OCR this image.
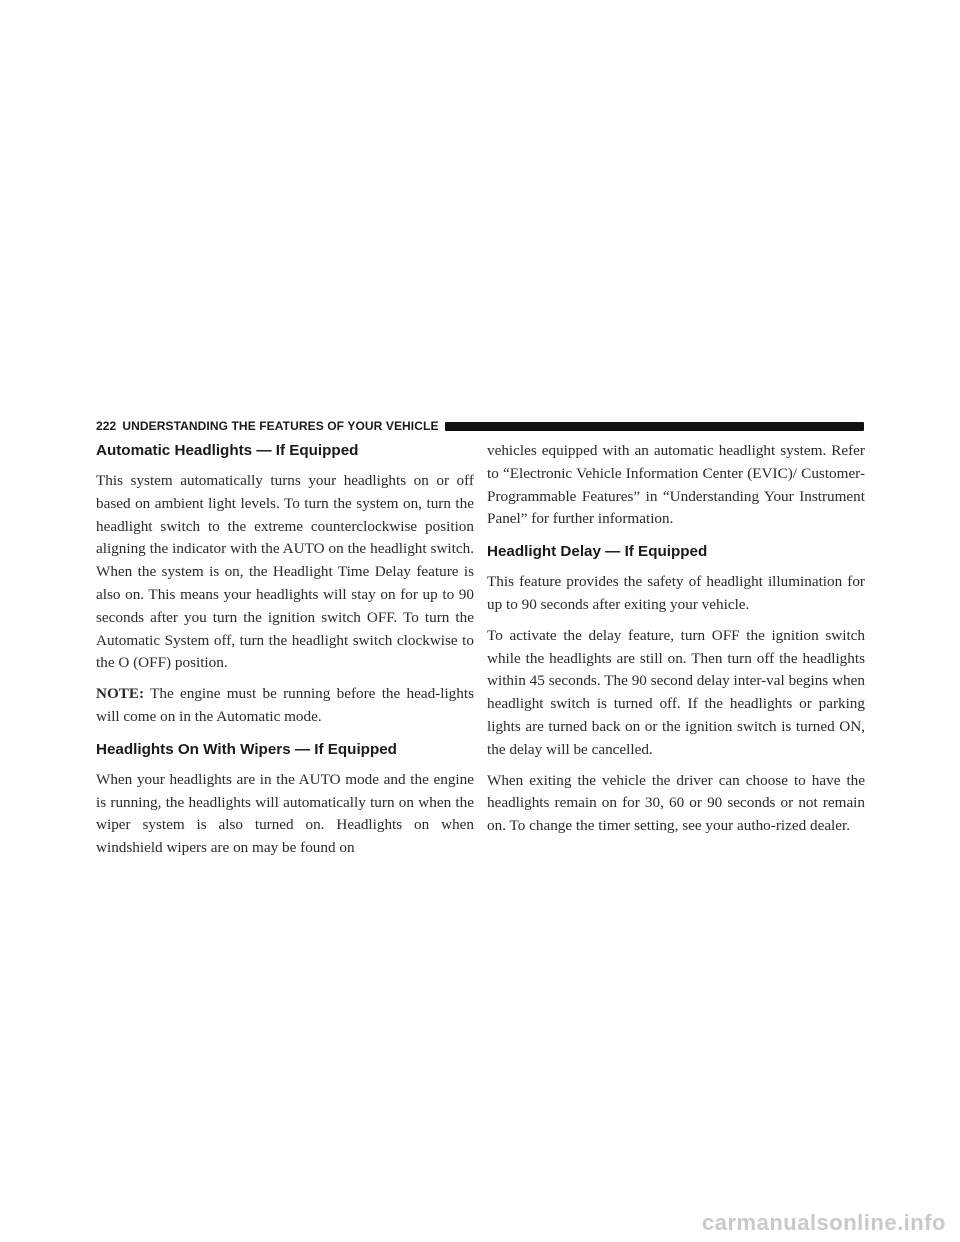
222 UNDERSTANDING THE FEATURES OF YOUR VEHICLE
Automatic Headlights — If Equipped

This system automatically turns your headlights on or off based on ambient light levels. To turn the system on, turn the headlight switch to the extreme counterclockwise position aligning the indicator with the AUTO on the headlight switch. When the system is on, the Headlight Time Delay feature is also on. This means your headlights will stay on for up to 90 seconds after you turn the ignition switch OFF. To turn the Automatic System off, turn the headlight switch clockwise to the O (OFF) position.

NOTE: The engine must be running before the head-lights will come on in the Automatic mode.

Headlights On With Wipers — If Equipped

When your headlights are in the AUTO mode and the engine is running, the headlights will automatically turn on when the wiper system is also turned on. Headlights on when windshield wipers are on may be found on

vehicles equipped with an automatic headlight system. Refer to “Electronic Vehicle Information Center (EVIC)/ Customer-Programmable Features” in “Understanding Your Instrument Panel” for further information.

Headlight Delay — If Equipped

This feature provides the safety of headlight illumination for up to 90 seconds after exiting your vehicle.

To activate the delay feature, turn OFF the ignition switch while the headlights are still on. Then turn off the headlights within 45 seconds. The 90 second delay inter-val begins when headlight switch is turned off. If the headlights or parking lights are turned back on or the ignition switch is turned ON, the delay will be cancelled.

When exiting the vehicle the driver can choose to have the headlights remain on for 30, 60 or 90 seconds or not remain on. To change the timer setting, see your autho-rized dealer.

carmanualsonline.info
